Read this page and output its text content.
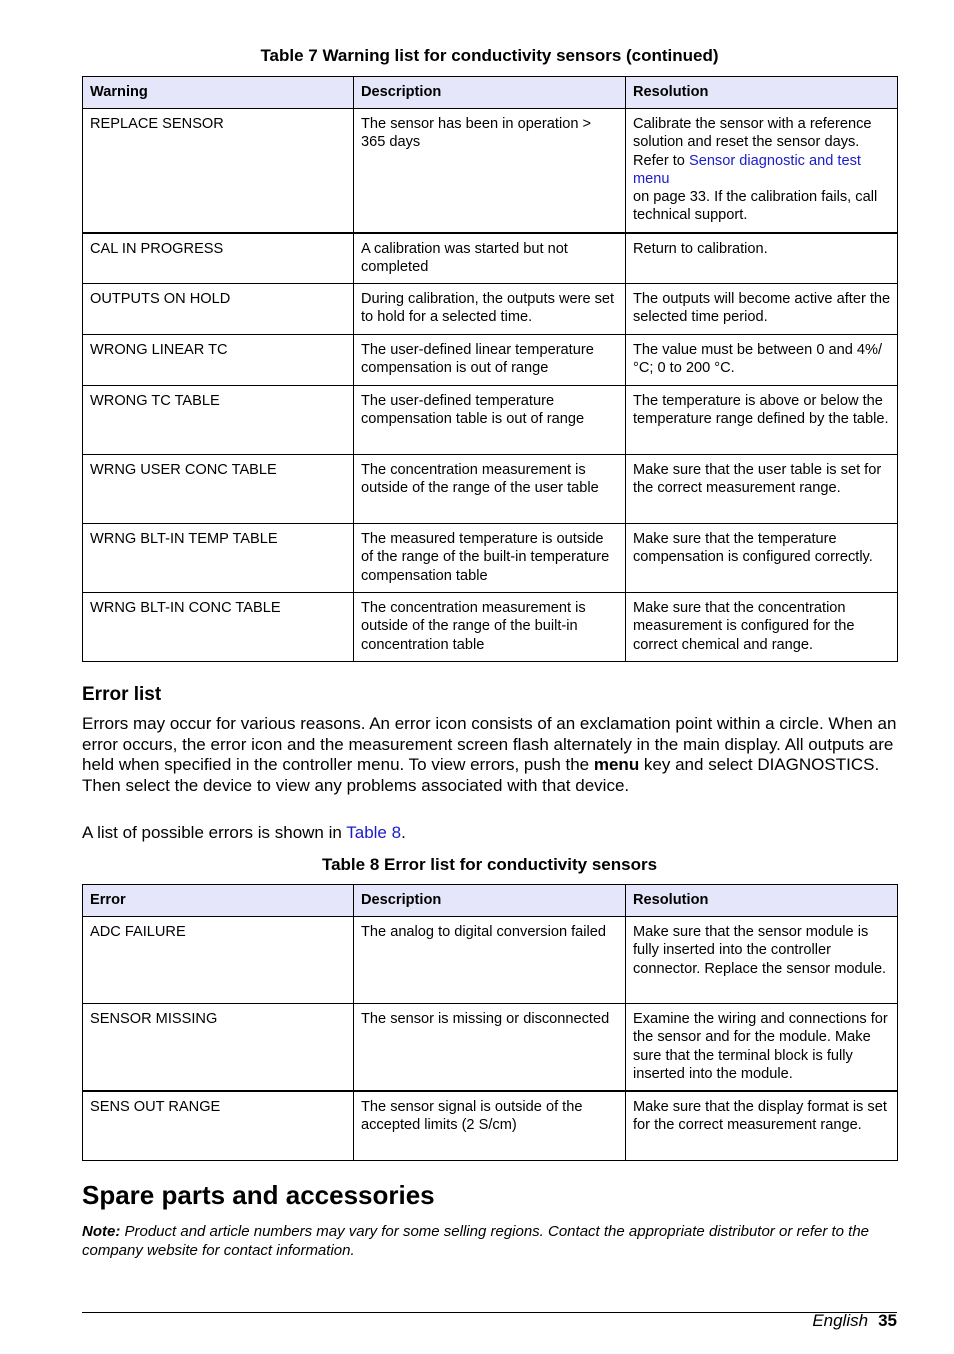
Table 7 Warning list for conductivity sensors (continued)
Warning	Description	Resolution
REPLACE SENSOR	The sensor has been in operation > 365 days	Calibrate the sensor with a reference solution and reset the sensor days. Refer to Sensor diagnostic and test menu
on page 33. If the calibration fails, call technical support.
CAL IN PROGRESS	A calibration was started but not completed	Return to calibration.
OUTPUTS ON HOLD	During calibration, the outputs were set to hold for a selected time.	The outputs will become active after the selected time period.
WRONG LINEAR TC	The user-defined linear temperature compensation is out of range	The value must be between 0 and 4%/°C; 0 to 200 °C.
WRONG TC TABLE	The user-defined temperature compensation table is out of range	The temperature is above or below the temperature range defined by the table.
WRNG USER CONC TABLE	The concentration measurement is outside of the range of the user table	Make sure that the user table is set for the correct measurement range.
WRNG BLT-IN TEMP TABLE	The measured temperature is outside of the range of the built-in temperature compensation table	Make sure that the temperature compensation is configured correctly.
WRNG BLT-IN CONC TABLE	The concentration measurement is outside of the range of the built-in concentration table	Make sure that the concentration measurement is configured for the correct chemical and range.
Error list

Errors may occur for various reasons. An error icon consists of an exclamation point within a circle. When an error occurs, the error icon and the measurement screen flash alternately in the main display. All outputs are held when specified in the controller menu. To view errors, push the menu key and select DIAGNOSTICS. Then select the device to view any problems associated with that device.

A list of possible errors is shown in Table 8.

Table 8 Error list for conductivity sensors
Error	Description	Resolution
ADC FAILURE	The analog to digital conversion failed	Make sure that the sensor module is fully inserted into the controller connector. Replace the sensor module.
SENSOR MISSING	The sensor is missing or disconnected	Examine the wiring and connections for the sensor and for the module. Make sure that the terminal block is fully inserted into the module.
SENS OUT RANGE	The sensor signal is outside of the accepted limits (2 S/cm)	Make sure that the display format is set for the correct measurement range.
Spare parts and accessories

Note: Product and article numbers may vary for some selling regions. Contact the appropriate distributor or refer to the company website for contact information.

English 35
